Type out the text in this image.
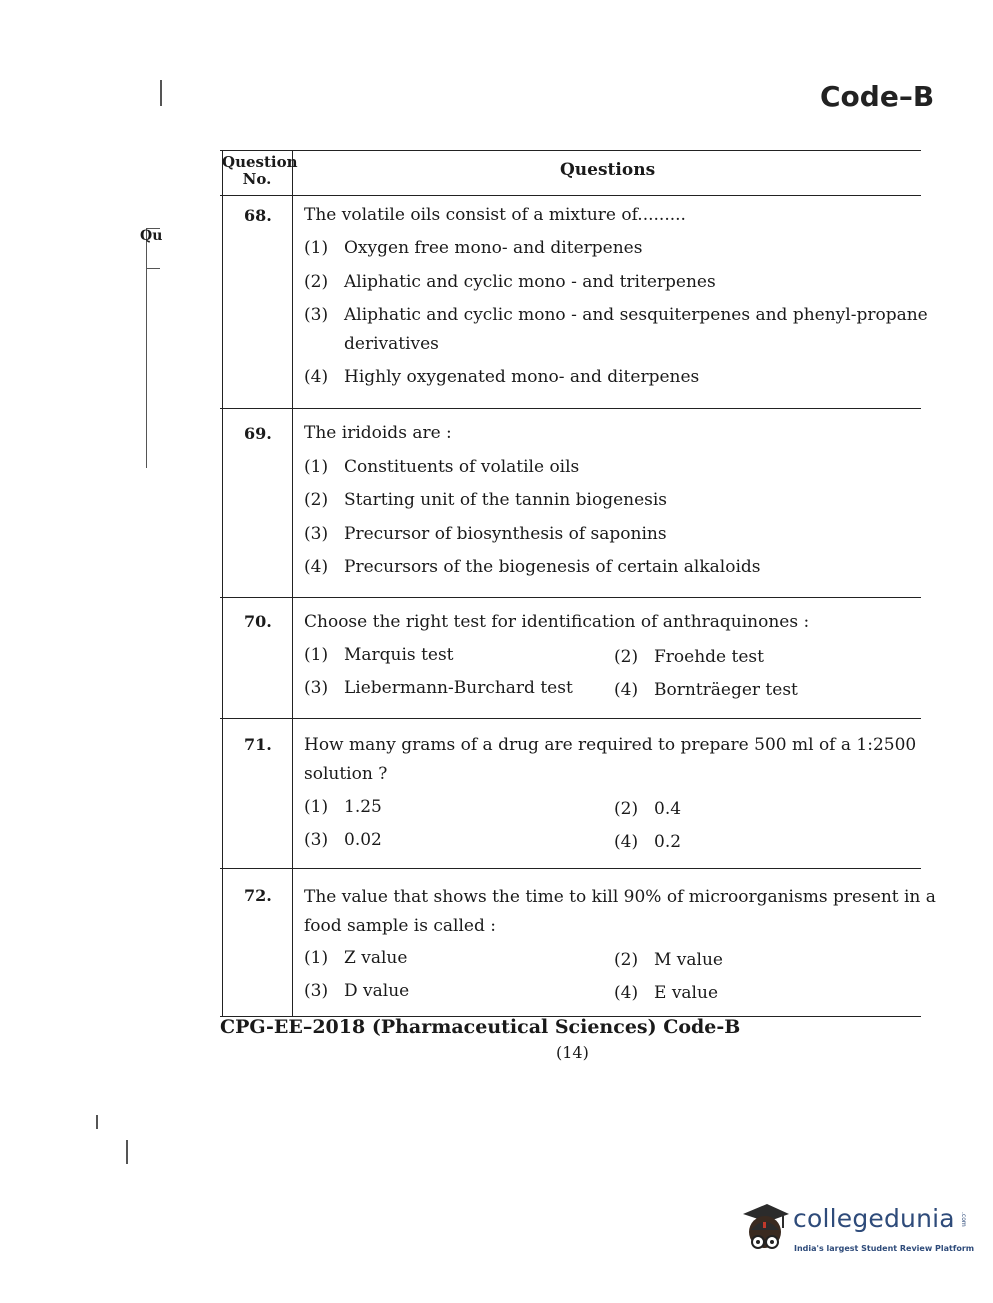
Code–B
Qu
Question No.	Questions
68. The volatile oils consist of a mixture of.........
(1) Oxygen free mono- and diterpenes
(2) Aliphatic and cyclic mono - and triterpenes
(3) Aliphatic and cyclic mono - and sesquiterpenes and phenyl-propane
derivatives
(4) Highly oxygenated mono- and diterpenes
69. The iridoids are :
(1) Constituents of volatile oils
(2) Starting unit of the tannin biogenesis
(3) Precursor of biosynthesis of saponins
(4) Precursors of the biogenesis of certain alkaloids
70. Choose the right test for identification of anthraquinones :
(1) Marquis test	(2) Froehde test
(3) Liebermann-Burchard test (4) Bornträeger test
71. How many grams of a drug are required to prepare 500 ml of a 1:2500
solution ?
(1) 1.25	(2) 0.4
(3) 0.02	(4) 0.2
72. The value that shows the time to kill 90% of microorganisms present in a
food sample is called :
(1) Z value	(2) M value
(3) D value	(4) E value
CPG-EE–2018 (Pharmaceutical Sciences) Code-B
(14)
collegedunia .com
India's largest Student Review Platform
